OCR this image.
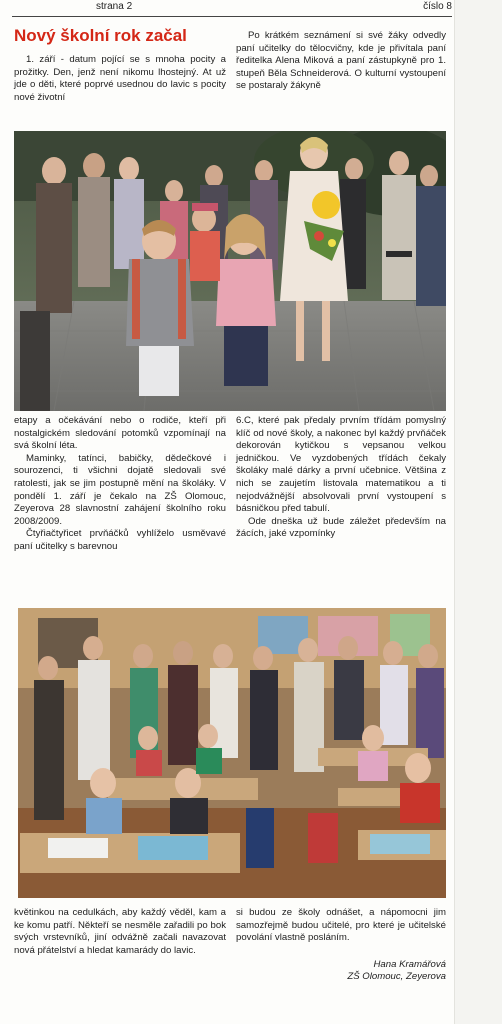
strana 2	číslo 8

Nový školní rok začal

1. září - datum pojící se s mnoha pocity a prožitky. Den, jenž není nikomu lhostejný. At už jde o děti, které poprvé usednou do lavic s pocity nové životní

Po krátkém seznámení si své žáky odvedly paní učitelky do tělocvičny, kde je přivítala paní ředitelka Alena Miková a paní zástupkyně pro 1. stupeň Běla Schneiderová. O kulturní vystoupení se postaraly žákyně

etapy a očekávání nebo o rodiče, kteří při nostalgickém sledování potomků vzpomínají na svá školní léta.

Maminky, tatínci, babičky, dědečkové i sourozenci, ti všichni dojatě sledovali své ratolesti, jak se jim postupně mění na školáky. V pondělí 1. září je čekalo na ZŠ Olomouc, Zeyerova 28 slavnostní zahájení školního roku 2008/2009.

Čtyřiačtyřicet prvňáčků vyhlíželo usměvavé paní učitelky s barevnou

6.C, které pak předaly prvním třídám pomyslný klíč od nové školy, a nakonec byl každý prvňáček dekorován kytičkou s vepsanou velkou jedničkou. Ve vyzdobených třídách čekaly školáky malé dárky a první učebnice. Většina z nich se zaujetím listovala matematikou a ti nejodvážnější absolvovali první vystoupení s básničkou před tabulí.

Ode dneška už bude záležet především na žácích, jaké vzpomínky

květinkou na cedulkách, aby každý věděl, kam a ke komu patří. Někteří se nesměle zařadili po bok svých vrstevníků, jiní odvážně začali navazovat nová přátelství a hledat kamarády do lavic.

si budou ze školy odnášet, a nápomocni jim samozřejmě budou učitelé, pro které je učitelské povolání vlastně posláním.

Hana Kramářová

ZŠ Olomouc, Zeyerova
